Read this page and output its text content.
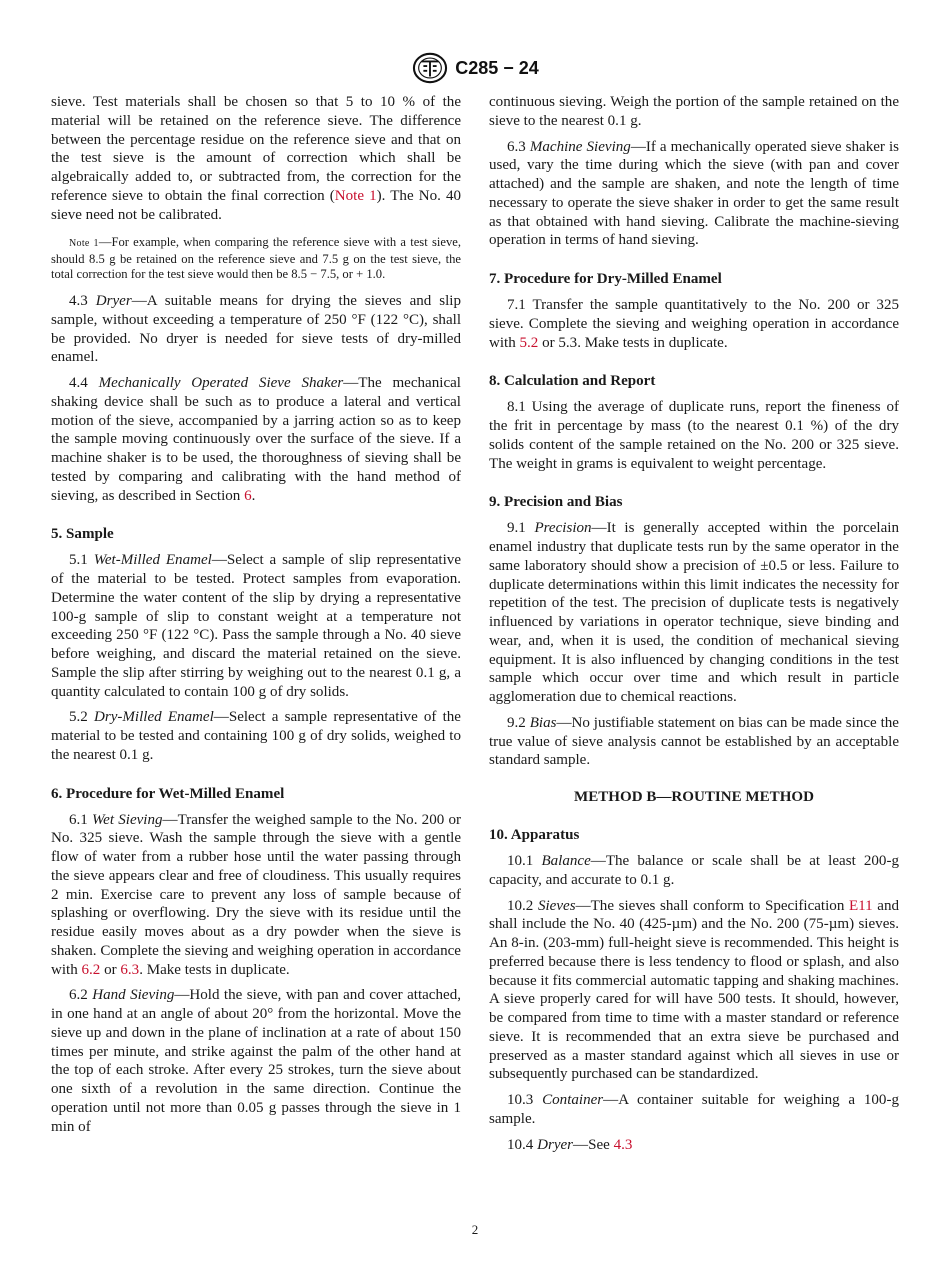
C285 − 24

sieve. Test materials shall be chosen so that 5 to 10 % of the material will be retained on the reference sieve. The difference between the percentage residue on the reference sieve and that on the test sieve is the amount of correction which shall be algebraically added to, or subtracted from, the correction for the reference sieve to obtain the final correction (Note 1). The No. 40 sieve need not be calibrated.

Note 1—For example, when comparing the reference sieve with a test sieve, should 8.5 g be retained on the reference sieve and 7.5 g on the test sieve, the total correction for the test sieve would then be 8.5 − 7.5, or + 1.0.

4.3 Dryer—A suitable means for drying the sieves and slip sample, without exceeding a temperature of 250 °F (122 °C), shall be provided. No dryer is needed for sieve tests of dry-milled enamel.

4.4 Mechanically Operated Sieve Shaker—The mechanical shaking device shall be such as to produce a lateral and vertical motion of the sieve, accompanied by a jarring action so as to keep the sample moving continuously over the surface of the sieve. If a machine shaker is to be used, the thoroughness of sieving shall be tested by comparing and calibrating with the hand method of sieving, as described in Section 6.

5. Sample

5.1 Wet-Milled Enamel—Select a sample of slip representative of the material to be tested. Protect samples from evaporation. Determine the water content of the slip by drying a representative 100-g sample of slip to constant weight at a temperature not exceeding 250 °F (122 °C). Pass the sample through a No. 40 sieve before weighing, and discard the material retained on the sieve. Sample the slip after stirring by weighing out to the nearest 0.1 g, a quantity calculated to contain 100 g of dry solids.

5.2 Dry-Milled Enamel—Select a sample representative of the material to be tested and containing 100 g of dry solids, weighed to the nearest 0.1 g.

6. Procedure for Wet-Milled Enamel

6.1 Wet Sieving—Transfer the weighed sample to the No. 200 or No. 325 sieve. Wash the sample through the sieve with a gentle flow of water from a rubber hose until the water passing through the sieve appears clear and free of cloudiness. This usually requires 2 min. Exercise care to prevent any loss of sample because of splashing or overflowing. Dry the sieve with its residue until the residue easily moves about as a dry powder when the sieve is shaken. Complete the sieving and weighing operation in accordance with 6.2 or 6.3. Make tests in duplicate.

6.2 Hand Sieving—Hold the sieve, with pan and cover attached, in one hand at an angle of about 20° from the horizontal. Move the sieve up and down in the plane of inclination at a rate of about 150 times per minute, and strike against the palm of the other hand at the top of each stroke. After every 25 strokes, turn the sieve about one sixth of a revolution in the same direction. Continue the operation until not more than 0.05 g passes through the sieve in 1 min of

continuous sieving. Weigh the portion of the sample retained on the sieve to the nearest 0.1 g.

6.3 Machine Sieving—If a mechanically operated sieve shaker is used, vary the time during which the sieve (with pan and cover attached) and the sample are shaken, and note the length of time necessary to operate the sieve shaker in order to get the same result as that obtained with hand sieving. Calibrate the machine-sieving operation in terms of hand sieving.

7. Procedure for Dry-Milled Enamel

7.1 Transfer the sample quantitatively to the No. 200 or 325 sieve. Complete the sieving and weighing operation in accordance with 5.2 or 5.3. Make tests in duplicate.

8. Calculation and Report

8.1 Using the average of duplicate runs, report the fineness of the frit in percentage by mass (to the nearest 0.1 %) of the dry solids content of the sample retained on the No. 200 or 325 sieve. The weight in grams is equivalent to weight percentage.

9. Precision and Bias

9.1 Precision—It is generally accepted within the porcelain enamel industry that duplicate tests run by the same operator in the same laboratory should show a precision of ±0.5 or less. Failure to duplicate determinations within this limit indicates the necessity for repetition of the test. The precision of duplicate tests is negatively influenced by variations in operator technique, sieve binding and wear, and, when it is used, the condition of mechanical sieving equipment. It is also influenced by changing conditions in the test sample which occur over time and which result in particle agglomeration due to chemical reactions.

9.2 Bias—No justifiable statement on bias can be made since the true value of sieve analysis cannot be established by an acceptable standard sample.

METHOD B—ROUTINE METHOD
10. Apparatus

10.1 Balance—The balance or scale shall be at least 200-g capacity, and accurate to 0.1 g.

10.2 Sieves—The sieves shall conform to Specification E11 and shall include the No. 40 (425-µm) and the No. 200 (75-µm) sieves. An 8-in. (203-mm) full-height sieve is recommended. This height is preferred because there is less tendency to flood or splash, and also because it fits commercial automatic tapping and shaking machines. A sieve properly cared for will have 500 tests. It should, however, be compared from time to time with a master standard or reference sieve. It is recommended that an extra sieve be purchased and preserved as a master standard against which all sieves in use or subsequently purchased can be standardized.

10.3 Container—A container suitable for weighing a 100-g sample.

10.4 Dryer—See 4.3

2
